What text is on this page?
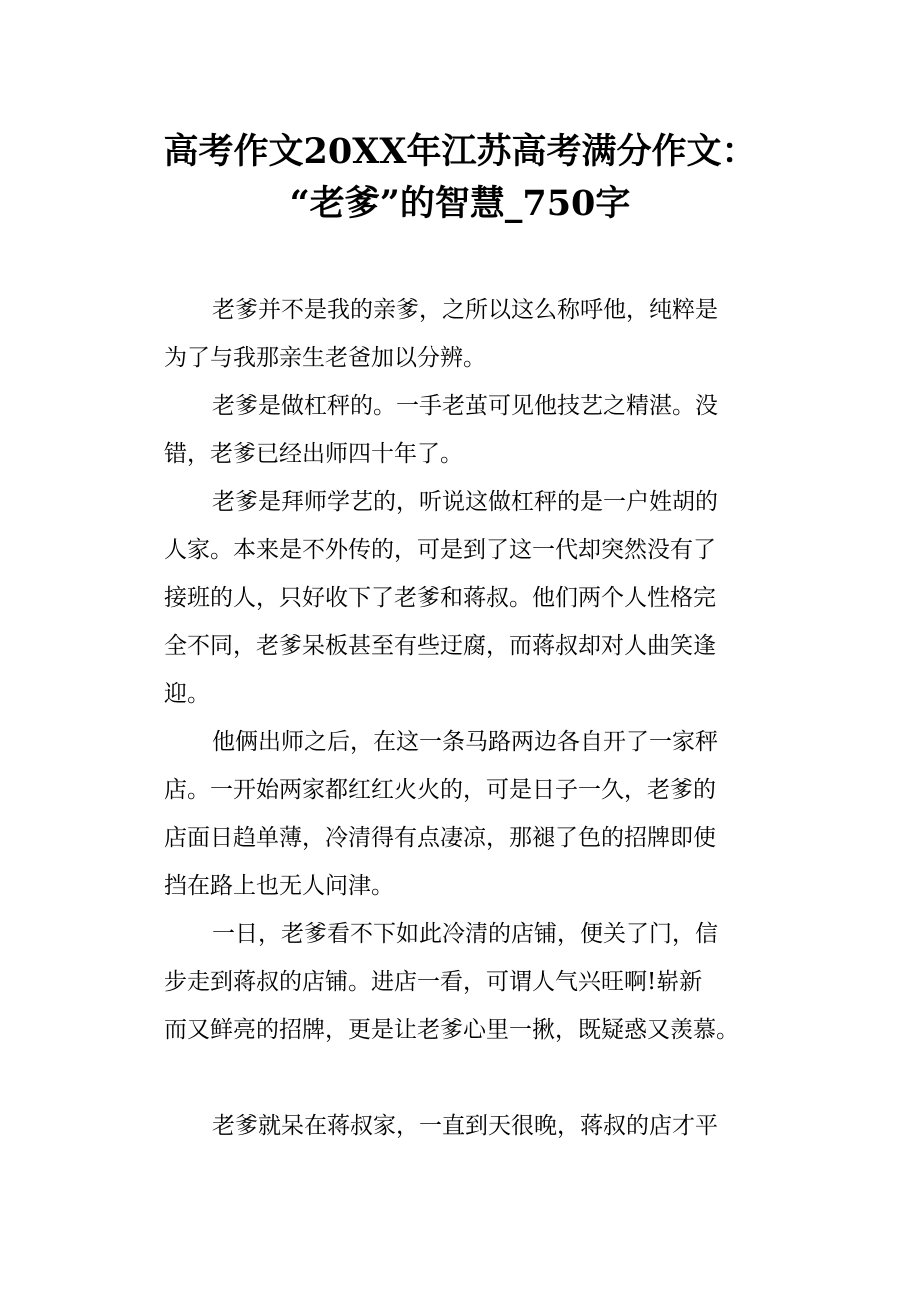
高考作文20XX年江苏高考满分作文：
“老爹”的智慧_750字

老爹并不是我的亲爹，之所以这么称呼他，纯粹是
为了与我那亲生老爸加以分辨。

老爹是做杠秤的。一手老茧可见他技艺之精湛。没
错，老爹已经出师四十年了。

老爹是拜师学艺的，听说这做杠秤的是一户姓胡的
人家。本来是不外传的，可是到了这一代却突然没有了
接班的人，只好收下了老爹和蒋叔。他们两个人性格完
全不同，老爹呆板甚至有些迂腐，而蒋叔却对人曲笑逢
迎。

他俩出师之后，在这一条马路两边各自开了一家秤
店。一开始两家都红红火火的，可是日子一久，老爹的
店面日趋单薄，冷清得有点凄凉，那褪了色的招牌即使
挡在路上也无人问津。

一日，老爹看不下如此冷清的店铺，便关了门，信
步走到蒋叔的店铺。进店一看，可谓人气兴旺啊!崭新
而又鲜亮的招牌，更是让老爹心里一揪，既疑惑又羡慕。

老爹就呆在蒋叔家，一直到天很晚，蒋叔的店才平
